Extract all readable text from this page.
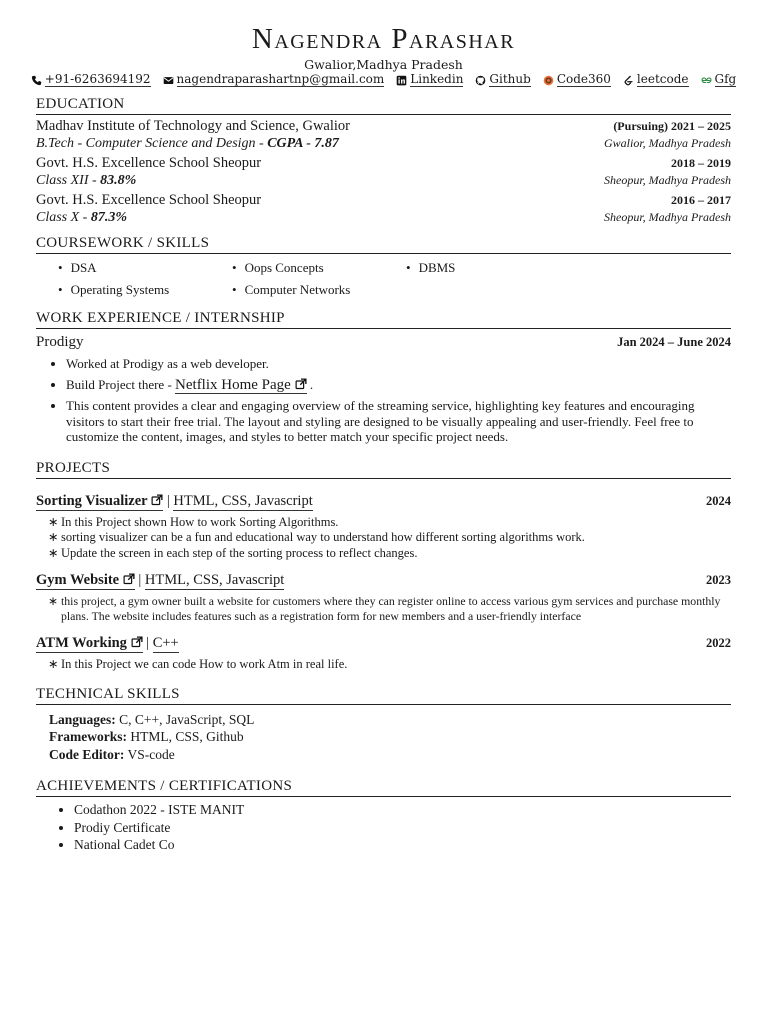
Nagendra Parashar
Gwalior,Madhya Pradesh
+91-6263694192 nagendraparashartnp@gmail.com Linkedin Github Code360 leetcode Gfg
EDUCATION
Madhav Institute of Technology and Science, Gwalior	(Pursuing) 2021 – 2025
B.Tech - Computer Science and Design - CGPA - 7.87	Gwalior, Madhya Pradesh
Govt. H.S. Excellence School Sheopur	2018 – 2019
Class XII - 83.8%	Sheopur, Madhya Pradesh
Govt. H.S. Excellence School Sheopur	2016 – 2017
Class X - 87.3%	Sheopur, Madhya Pradesh
COURSEWORK / SKILLS
• DSA	• Oops Concepts	• DBMS
• Operating Systems	• Computer Networks
WORK EXPERIENCE / INTERNSHIP
Prodigy	Jan 2024 – June 2024
• Worked at Prodigy as a web developer.
• Build Project there - Netflix Home Page  .
• This content provides a clear and engaging overview of the streaming service, highlighting key features and encouraging visitors to start their free trial. The layout and styling are designed to be visually appealing and user-friendly. Feel free to customize the content, images, and styles to better match your specific project needs.
PROJECTS
Sorting Visualizer  | HTML, CSS, Javascript	2024
∗ In this Project shown How to work Sorting Algorithms.
∗ sorting visualizer can be a fun and educational way to understand how different sorting algorithms work.
∗ Update the screen in each step of the sorting process to reflect changes.
Gym Website  | HTML, CSS, Javascript	2023
∗ this project, a gym owner built a website for customers where they can register online to access various gym services and purchase monthly plans. The website includes features such as a registration form for new members and a user-friendly interface
ATM Working  | C++	2022
∗ In this Project we can code How to work Atm in real life.
TECHNICAL SKILLS
Languages: C, C++, JavaScript, SQL
Frameworks: HTML, CSS, Github
Code Editor: VS-code
ACHIEVEMENTS / CERTIFICATIONS
• Codathon 2022 - ISTE MANIT
• Prodiy Certificate
• National Cadet Co
